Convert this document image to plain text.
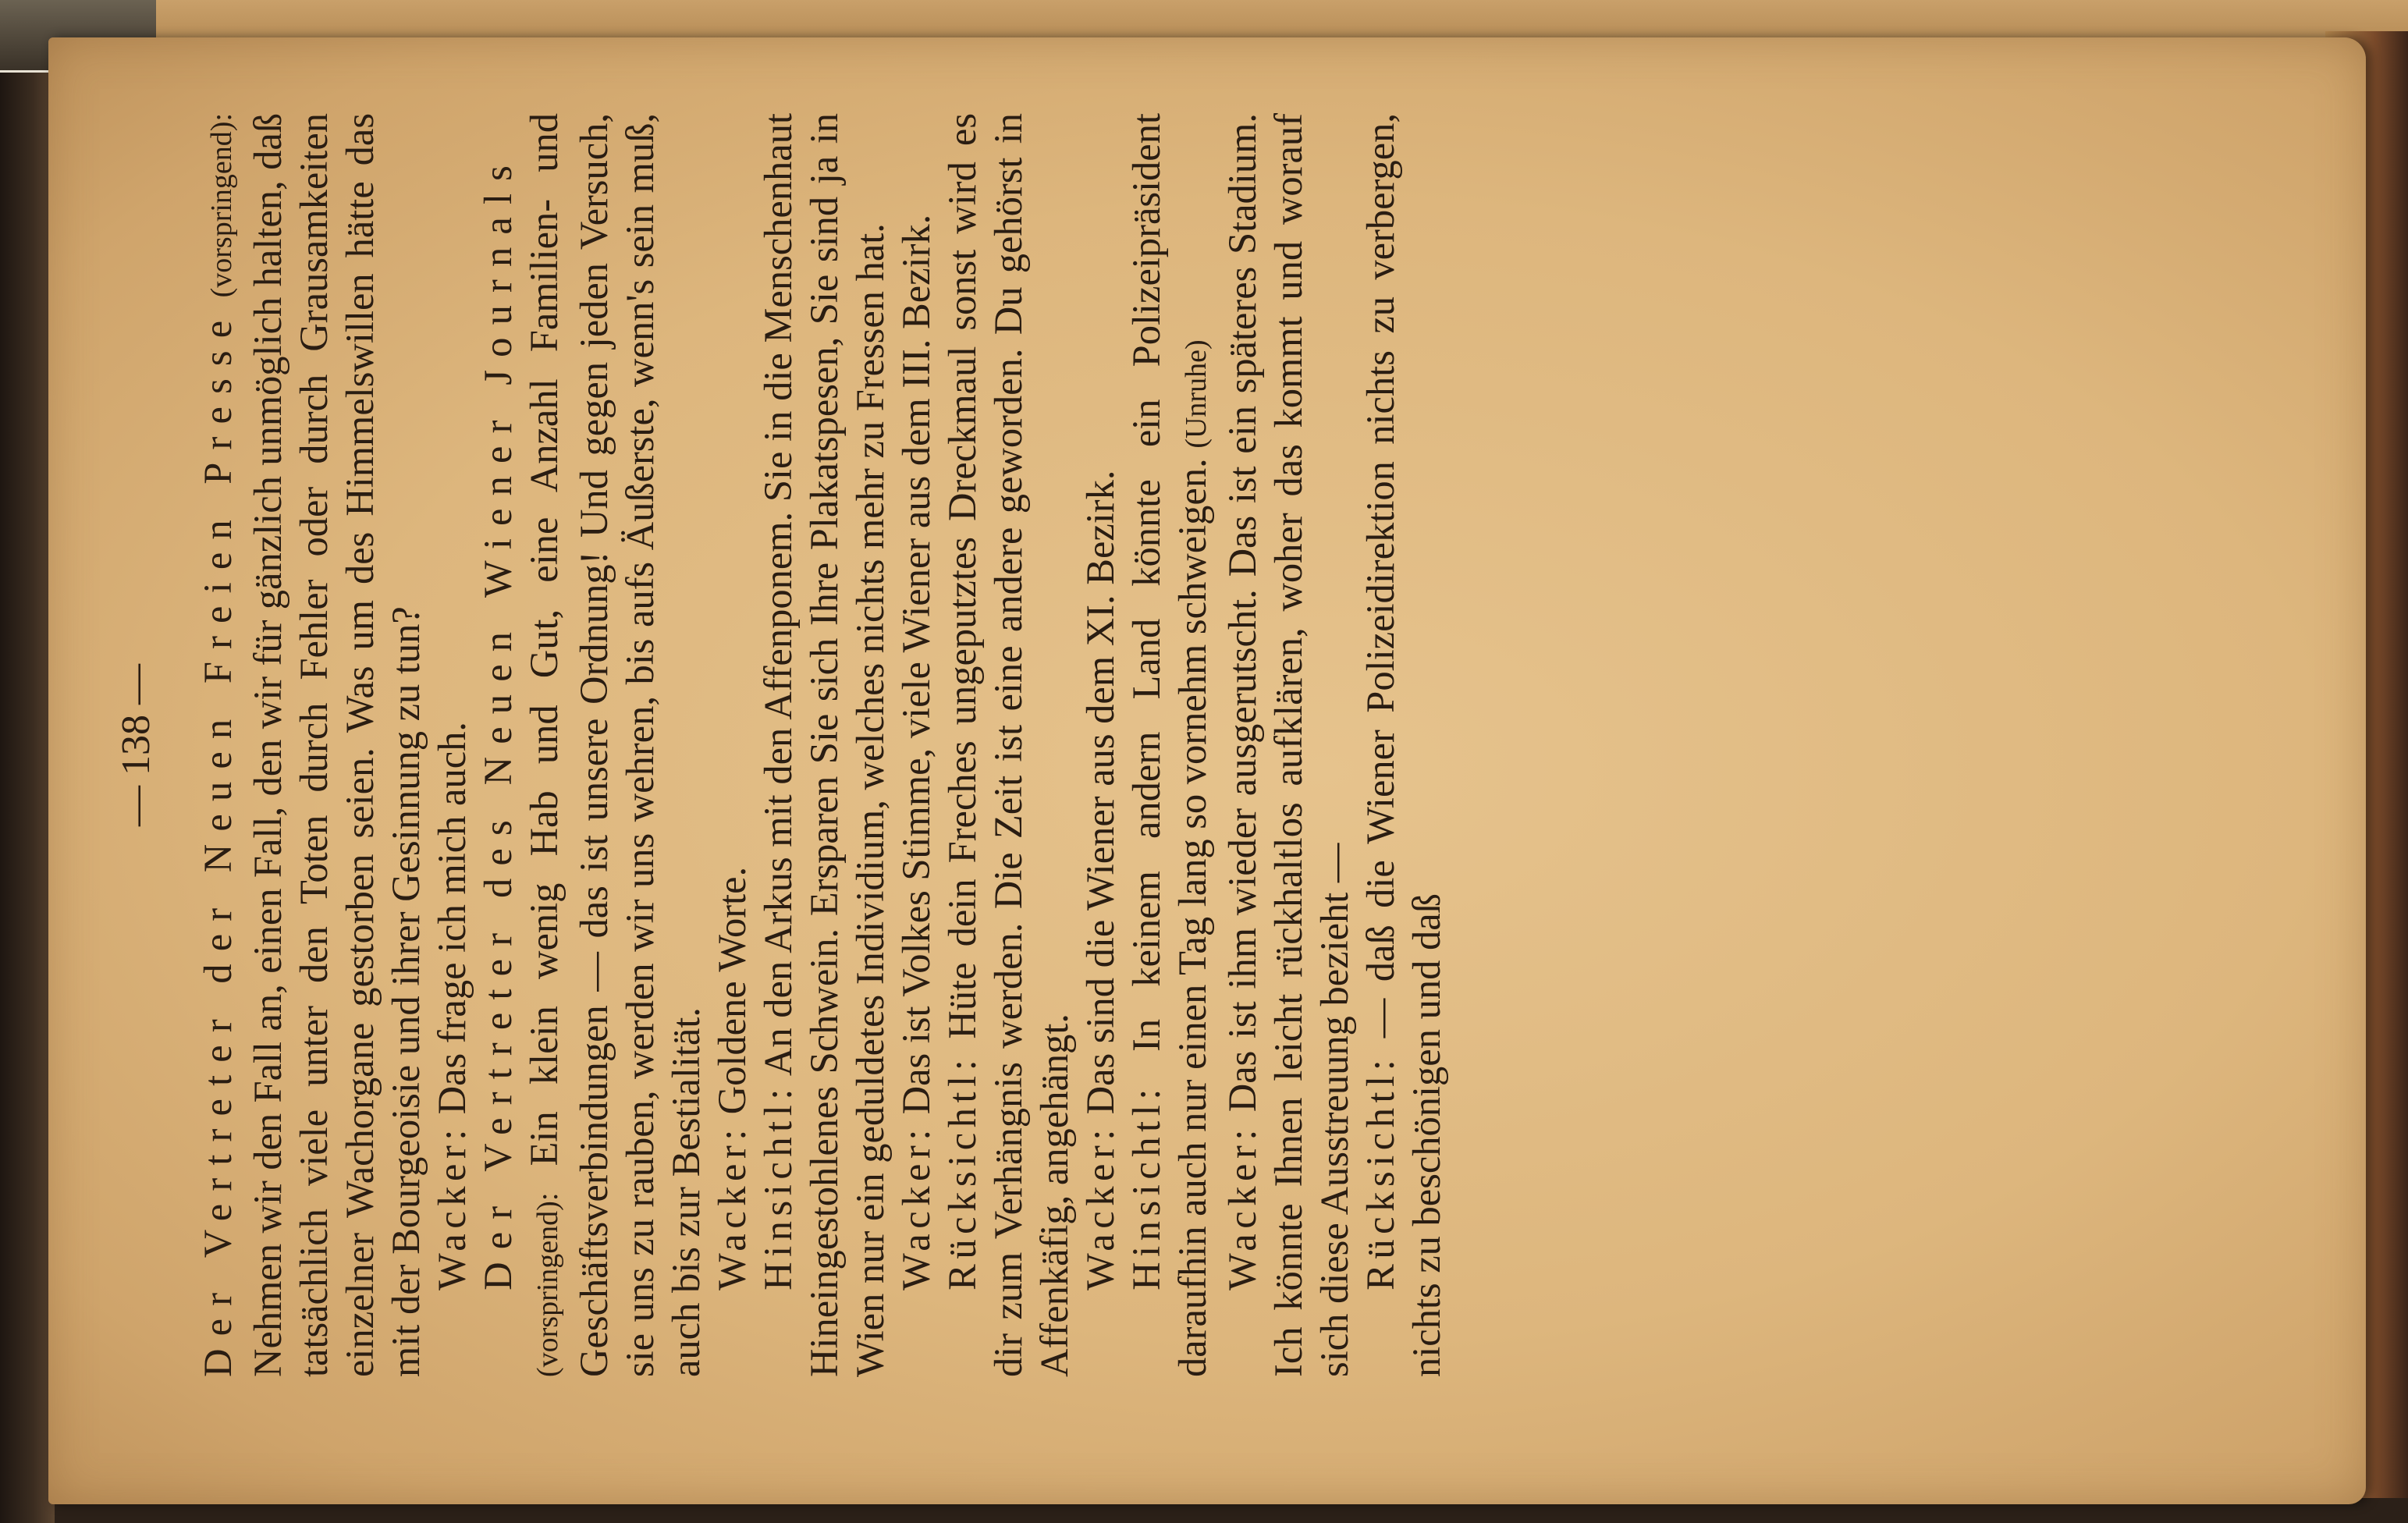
— 138 — Der Vertreter der Neuen Freien Presse (vorspringend): Nehmen wir den Fall an, einen Fall, den wir für gänzlich unmöglich halten, daß tatsächlich viele unter den Toten durch Fehler oder durch Grausamkeiten einzelner Wachorgane gestorben seien. Was um des Himmelswillen hätte das mit der Bourgeoisie und ihrer Gesinnung zu tun? Wacker: Das frage ich mich auch. Der Vertreter des Neuen Wiener Journals (vorspringend): Ein klein wenig Hab und Gut, eine Anzahl Familien- und Geschäftsverbindungen — das ist unsere Ordnung! Und gegen jeden Versuch, sie uns zu rauben, werden wir uns wehren, bis aufs Äußerste, wenn's sein muß, auch bis zur Bestialität. Wacker: Goldene Worte.

Hinsichtl: An den Arkus mit den Affenponem. Sie in die Menschenhaut Hineingestohlenes Schwein. Ersparen Sie sich Ihre Plakatspesen, Sie sind ja in Wien nur ein geduldetes Individium, welches nichts mehr zu Fressen hat. Wacker: Das ist Volkes Stimme, viele Wiener aus dem III. Bezirk.

Rücksichtl: Hüte dein Freches ungeputztes Dreckmaul sonst wird es dir zum Verhängnis werden. Die Zeit ist eine andere geworden. Du gehörst in Affenkäfig, angehängt. Wacker: Das sind die Wiener aus dem XI. Bezirk.

Hinsichtl: In keinem andern Land könnte ein Polizeipräsident daraufhin auch nur einen Tag lang so vornehm schweigen. (Unruhe)

Wacker: Das ist ihm wieder ausgerutscht. Das ist ein späteres Stadium. Ich könnte Ihnen leicht rückhaltlos aufklären, woher das kommt und worauf sich diese Ausstreuung bezieht — Rücksichtl: — daß die Wiener Polizeidirektion nichts zu verbergen, nichts zu beschönigen und daß
